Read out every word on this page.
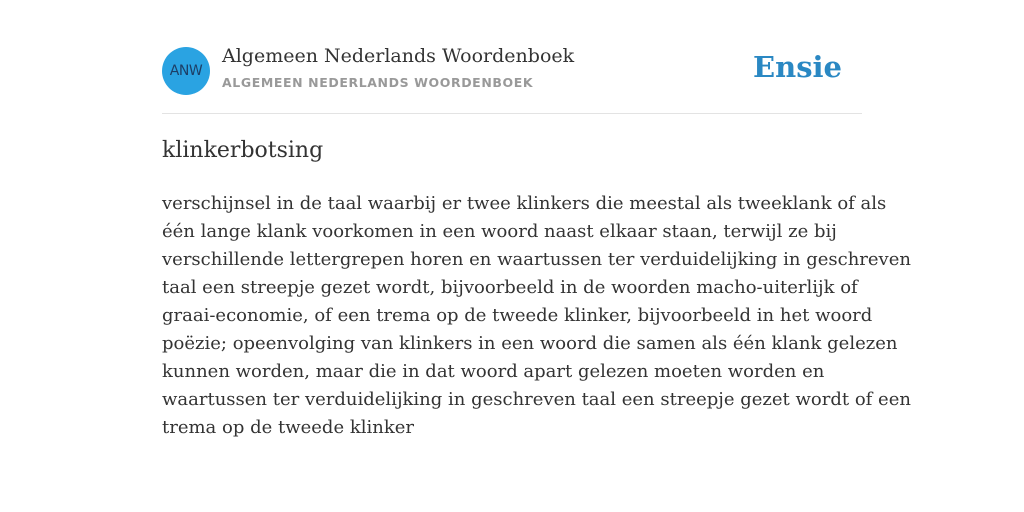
ANW
Algemeen Nederlands Woordenboek
ALGEMEEN NEDERLANDS WOORDENBOEK	Ensie
klinkerbotsing
verschijnsel in de taal waarbij er twee klinkers die meestal als tweeklank of als
één lange klank voorkomen in een woord naast elkaar staan, terwijl ze bij
verschillende lettergrepen horen en waartussen ter verduidelijking in geschreven
taal een streepje gezet wordt, bijvoorbeeld in de woorden macho-uiterlijk of
graai-economie, of een trema op de tweede klinker, bijvoorbeeld in het woord
poëzie; opeenvolging van klinkers in een woord die samen als één klank gelezen
kunnen worden, maar die in dat woord apart gelezen moeten worden en
waartussen ter verduidelijking in geschreven taal een streepje gezet wordt of een
trema op de tweede klinker
